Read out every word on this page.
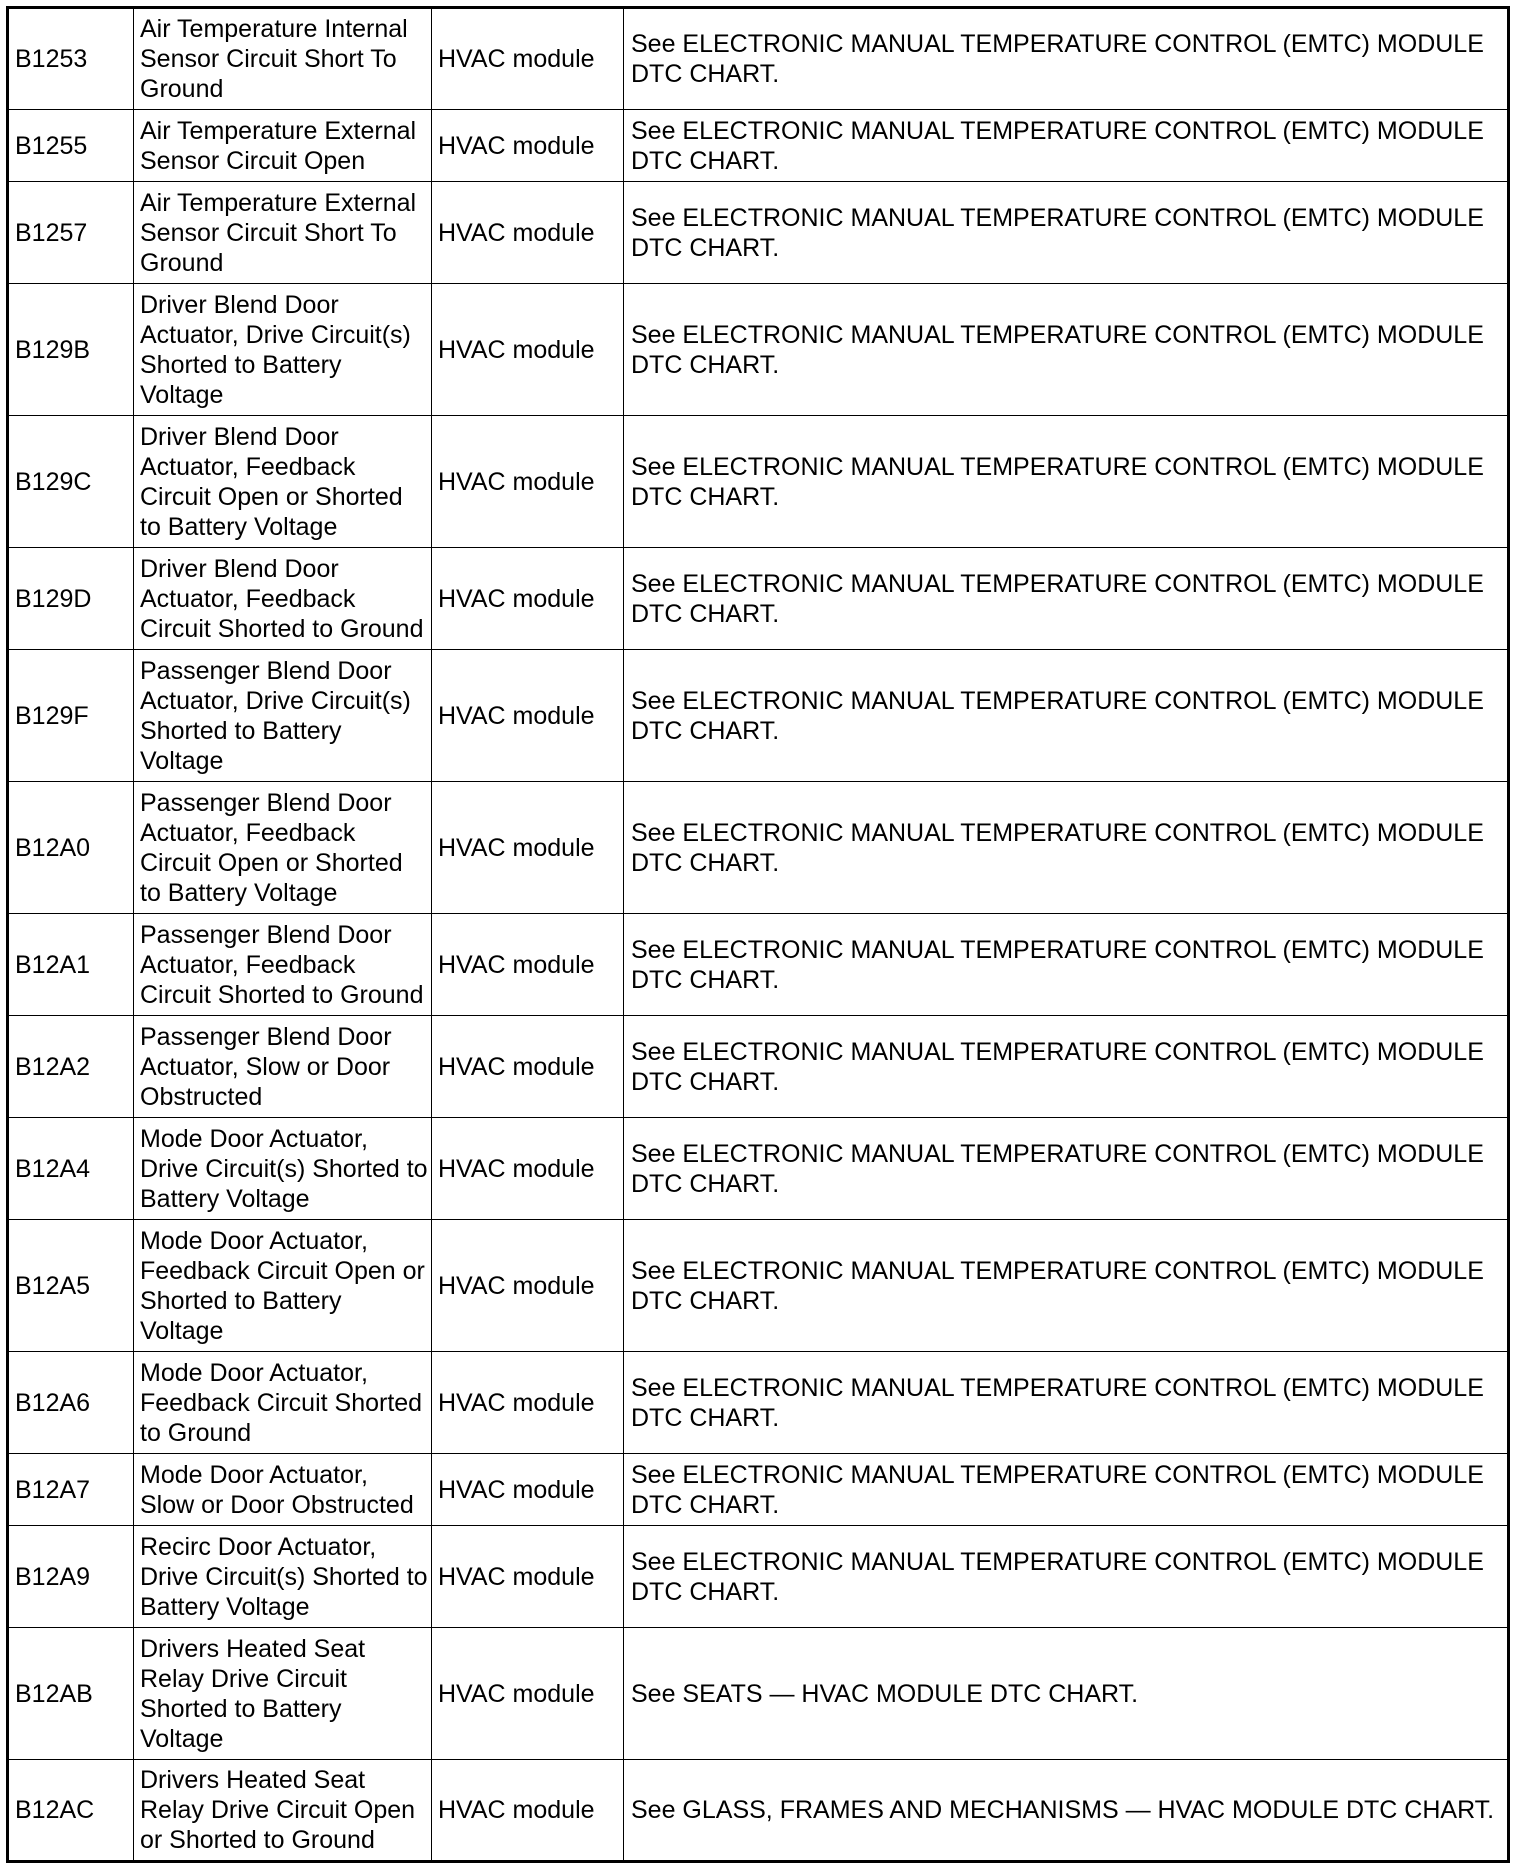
B1253	Air Temperature Internal Sensor Circuit Short To Ground	HVAC module	See ELECTRONIC MANUAL TEMPERATURE CONTROL (EMTC) MODULE DTC CHART.
B1255	Air Temperature External Sensor Circuit Open	HVAC module	See ELECTRONIC MANUAL TEMPERATURE CONTROL (EMTC) MODULE DTC CHART.
B1257	Air Temperature External Sensor Circuit Short To Ground	HVAC module	See ELECTRONIC MANUAL TEMPERATURE CONTROL (EMTC) MODULE DTC CHART.
B129B	Driver Blend Door Actuator, Drive Circuit(s) Shorted to Battery Voltage	HVAC module	See ELECTRONIC MANUAL TEMPERATURE CONTROL (EMTC) MODULE DTC CHART.
B129C	Driver Blend Door Actuator, Feedback Circuit Open or Shorted to Battery Voltage	HVAC module	See ELECTRONIC MANUAL TEMPERATURE CONTROL (EMTC) MODULE DTC CHART.
B129D	Driver Blend Door Actuator, Feedback Circuit Shorted to Ground	HVAC module	See ELECTRONIC MANUAL TEMPERATURE CONTROL (EMTC) MODULE DTC CHART.
B129F	Passenger Blend Door Actuator, Drive Circuit(s) Shorted to Battery Voltage	HVAC module	See ELECTRONIC MANUAL TEMPERATURE CONTROL (EMTC) MODULE DTC CHART.
B12A0	Passenger Blend Door Actuator, Feedback Circuit Open or Shorted to Battery Voltage	HVAC module	See ELECTRONIC MANUAL TEMPERATURE CONTROL (EMTC) MODULE DTC CHART.
B12A1	Passenger Blend Door Actuator, Feedback Circuit Shorted to Ground	HVAC module	See ELECTRONIC MANUAL TEMPERATURE CONTROL (EMTC) MODULE DTC CHART.
B12A2	Passenger Blend Door Actuator, Slow or Door Obstructed	HVAC module	See ELECTRONIC MANUAL TEMPERATURE CONTROL (EMTC) MODULE DTC CHART.
B12A4	Mode Door Actuator, Drive Circuit(s) Shorted to Battery Voltage	HVAC module	See ELECTRONIC MANUAL TEMPERATURE CONTROL (EMTC) MODULE DTC CHART.
B12A5	Mode Door Actuator, Feedback Circuit Open or Shorted to Battery Voltage	HVAC module	See ELECTRONIC MANUAL TEMPERATURE CONTROL (EMTC) MODULE DTC CHART.
B12A6	Mode Door Actuator, Feedback Circuit Shorted to Ground	HVAC module	See ELECTRONIC MANUAL TEMPERATURE CONTROL (EMTC) MODULE DTC CHART.
B12A7	Mode Door Actuator, Slow or Door Obstructed	HVAC module	See ELECTRONIC MANUAL TEMPERATURE CONTROL (EMTC) MODULE DTC CHART.
B12A9	Recirc Door Actuator, Drive Circuit(s) Shorted to Battery Voltage	HVAC module	See ELECTRONIC MANUAL TEMPERATURE CONTROL (EMTC) MODULE DTC CHART.
B12AB	Drivers Heated Seat Relay Drive Circuit Shorted to Battery Voltage	HVAC module	See SEATS — HVAC MODULE DTC CHART.
B12AC	Drivers Heated Seat Relay Drive Circuit Open or Shorted to Ground	HVAC module	See GLASS, FRAMES AND MECHANISMS — HVAC MODULE DTC CHART.
